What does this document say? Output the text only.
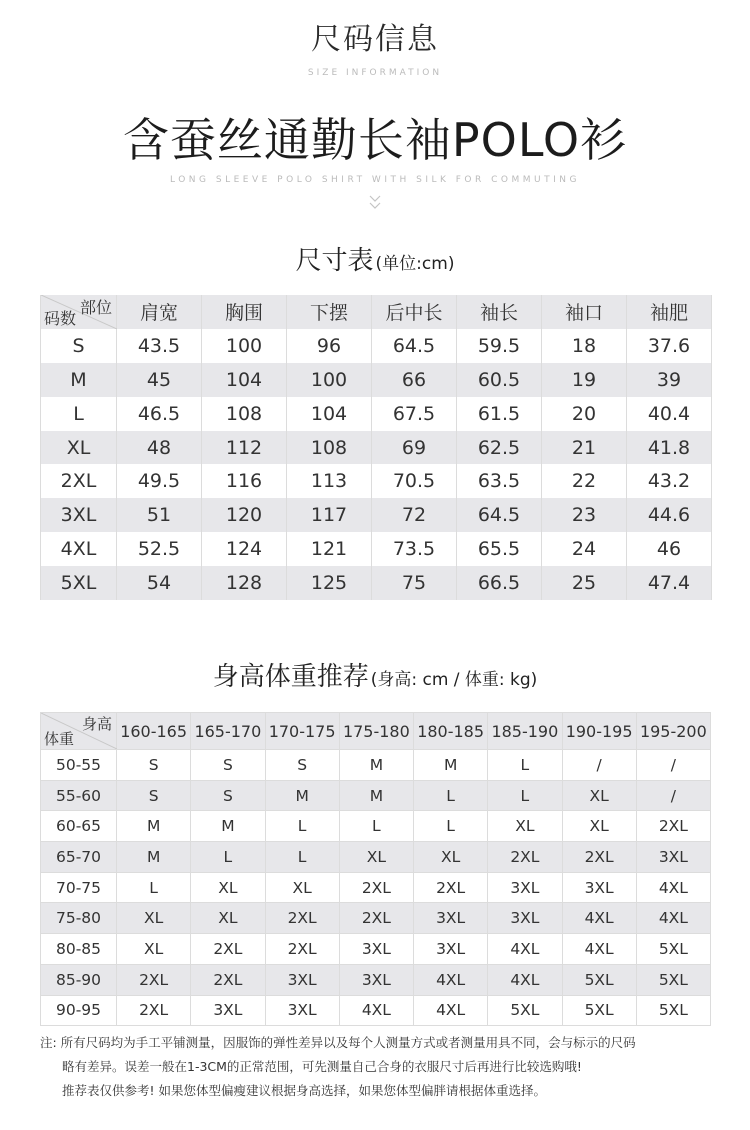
尺码信息
SIZE INFORMATION
含蚕丝通勤长袖POLO衫
LONG SLEEVE POLO SHIRT WITH SILK FOR COMMUTING
尺寸表 (单位:cm)
部位
码数	肩宽	胸围	下摆	后中长	袖长	袖口	袖肥
S	43.5	100	96	64.5	59.5	18	37.6
M	45	104	100	66	60.5	19	39
L	46.5	108	104	67.5	61.5	20	40.4
XL	48	112	108	69	62.5	21	41.8
2XL	49.5	116	113	70.5	63.5	22	43.2
3XL	51	120	117	72	64.5	23	44.6
4XL	52.5	124	121	73.5	65.5	24	46
5XL	54	128	125	75	66.5	25	47.4
身高体重推荐 (身高: cm / 体重: kg)
身高
体重	160-165	165-170	170-175	175-180	180-185	185-190	190-195	195-200
50-55	S	S	S	M	M	L	/	/
55-60	S	S	M	M	L	L	XL	/
60-65	M	M	L	L	L	XL	XL	2XL
65-70	M	L	L	XL	XL	2XL	2XL	3XL
70-75	L	XL	XL	2XL	2XL	3XL	3XL	4XL
75-80	XL	XL	2XL	2XL	3XL	3XL	4XL	4XL
80-85	XL	2XL	2XL	3XL	3XL	4XL	4XL	5XL
85-90	2XL	2XL	3XL	3XL	4XL	4XL	5XL	5XL
90-95	2XL	3XL	3XL	4XL	4XL	5XL	5XL	5XL
注: 所有尺码均为手工平铺测量，因服饰的弹性差异以及每个人测量方式或者测量用具不同，会与标示的尺码
略有差异。误差一般在1-3CM的正常范围，可先测量自己合身的衣服尺寸后再进行比较选购哦!
推荐表仅供参考! 如果您体型偏瘦建议根据身高选择，如果您体型偏胖请根据体重选择。
